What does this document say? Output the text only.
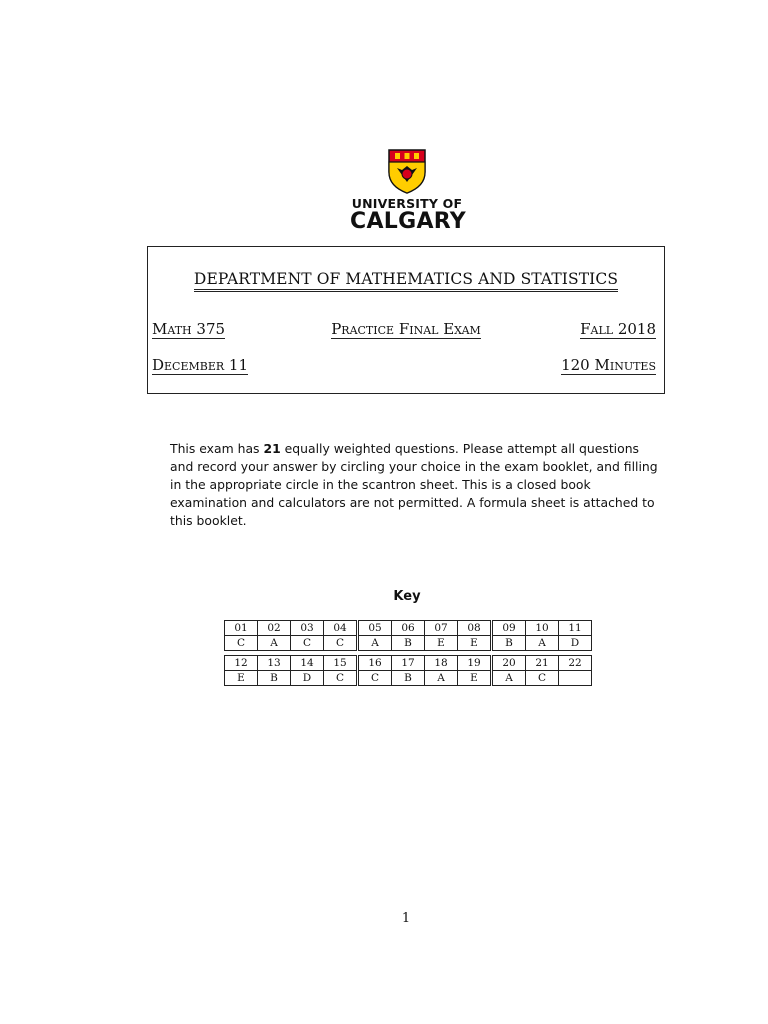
UNIVERSITY OF
CALGARY
DEPARTMENT OF MATHEMATICS AND STATISTICS
Math 375	Practice Final Exam	Fall 2018
December 11	120 Minutes
This exam has 21 equally weighted questions. Please attempt all questions and record your answer by circling your choice in the exam booklet, and filling in the appropriate circle in the scantron sheet. This is a closed book examination and calculators are not permitted. A formula sheet is attached to this booklet.
Key
01	02	03	04	05	06	07	08	09	10	11
C	A	C	C	A	B	E	E	B	A	D
12	13	14	15	16	17	18	19	20	21	22
E	B	D	C	C	B	A	E	A	C	
1
